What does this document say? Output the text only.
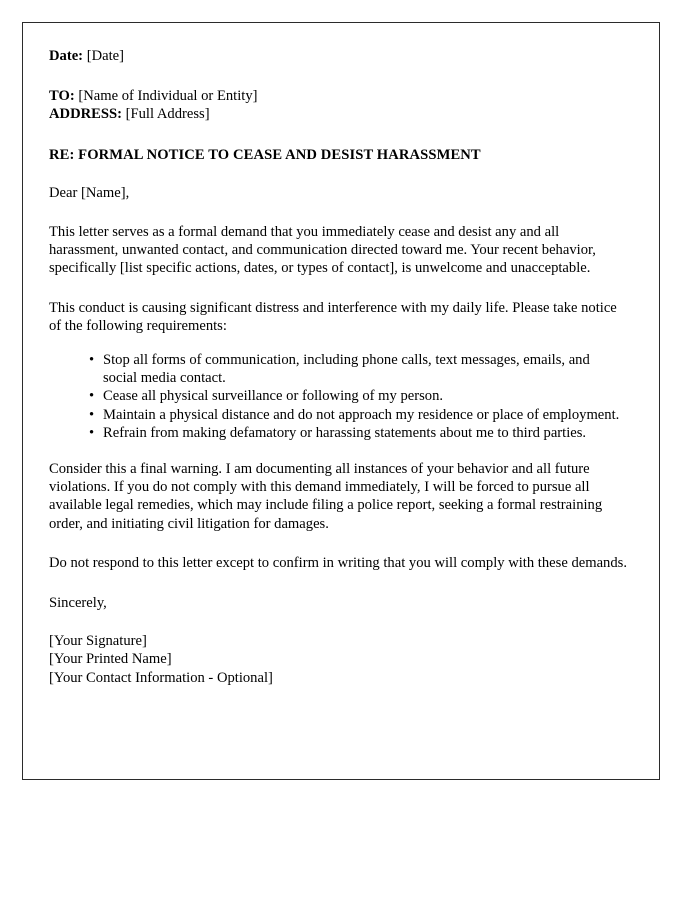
Date: [Date]
TO: [Name of Individual or Entity]
ADDRESS: [Full Address]
RE: FORMAL NOTICE TO CEASE AND DESIST HARASSMENT
Dear [Name],

This letter serves as a formal demand that you immediately cease and desist any and all harassment, unwanted contact, and communication directed toward me. Your recent behavior, specifically [list specific actions, dates, or types of contact], is unwelcome and unacceptable.

This conduct is causing significant distress and interference with my daily life. Please take notice of the following requirements:

• Stop all forms of communication, including phone calls, text messages, emails, and social media contact.
• Cease all physical surveillance or following of my person.
• Maintain a physical distance and do not approach my residence or place of employment.
• Refrain from making defamatory or harassing statements about me to third parties.

Consider this a final warning. I am documenting all instances of your behavior and all future violations. If you do not comply with this demand immediately, I will be forced to pursue all available legal remedies, which may include filing a police report, seeking a formal restraining order, and initiating civil litigation for damages.

Do not respond to this letter except to confirm in writing that you will comply with these demands.

Sincerely,
[Your Signature]
[Your Printed Name]
[Your Contact Information - Optional]
